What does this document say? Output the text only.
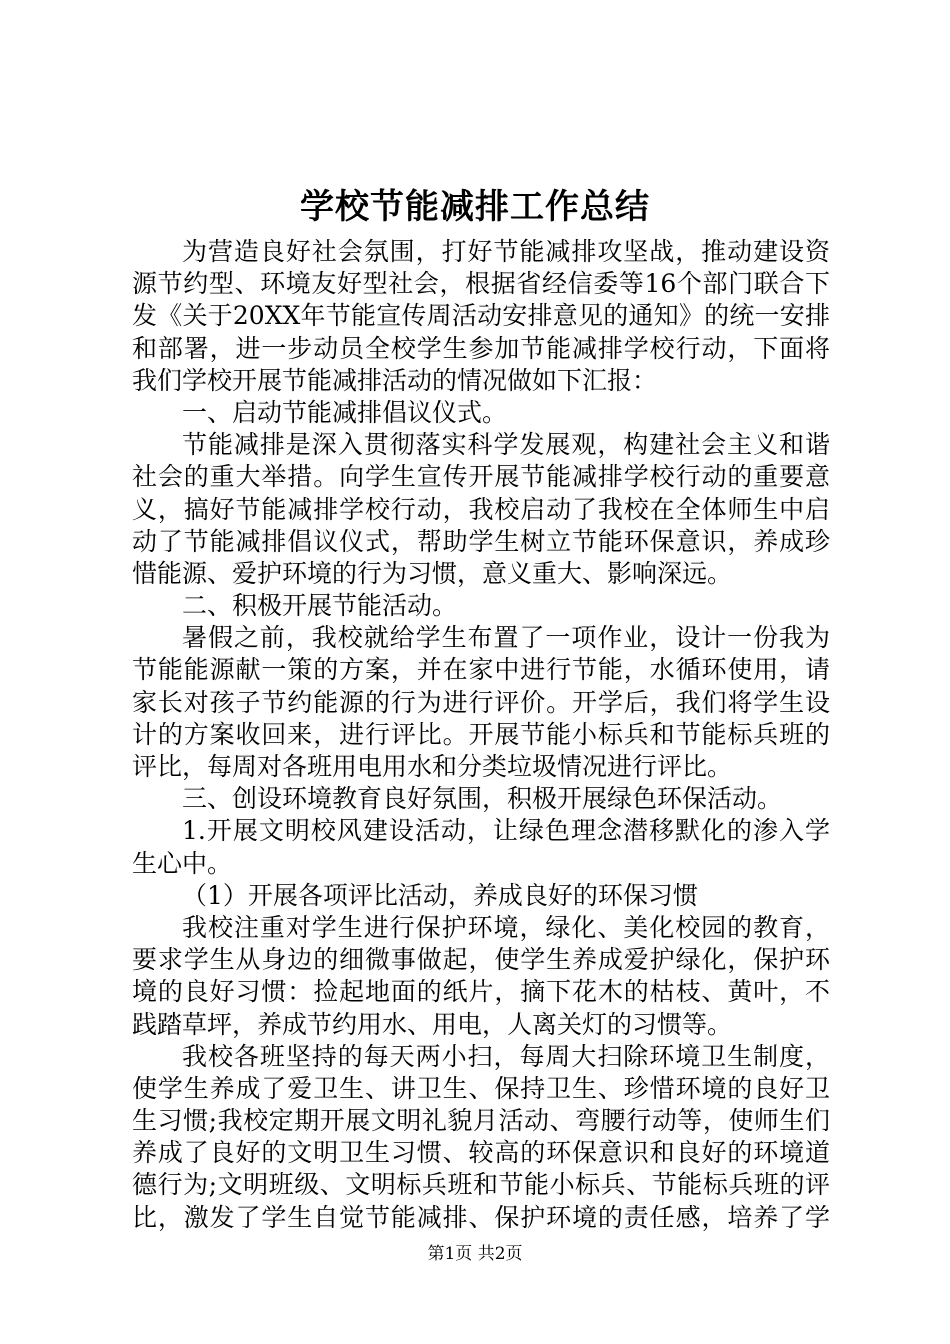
学校节能减排工作总结
为营造良好社会氛围，打好节能减排攻坚战，推动建设资
源节约型、环境友好型社会，根据省经信委等16个部门联合下
发《关于20XX年节能宣传周活动安排意见的通知》的统一安排
和部署，进一步动员全校学生参加节能减排学校行动，下面将
我们学校开展节能减排活动的情况做如下汇报：
一、启动节能减排倡议仪式。
节能减排是深入贯彻落实科学发展观，构建社会主义和谐
社会的重大举措。向学生宣传开展节能减排学校行动的重要意
义，搞好节能减排学校行动，我校启动了我校在全体师生中启
动了节能减排倡议仪式，帮助学生树立节能环保意识，养成珍
惜能源、爱护环境的行为习惯，意义重大、影响深远。
二、积极开展节能活动。
暑假之前，我校就给学生布置了一项作业，设计一份我为
节能能源献一策的方案，并在家中进行节能，水循环使用，请
家长对孩子节约能源的行为进行评价。开学后，我们将学生设
计的方案收回来，进行评比。开展节能小标兵和节能标兵班的
评比，每周对各班用电用水和分类垃圾情况进行评比。
三、创设环境教育良好氛围，积极开展绿色环保活动。
1.开展文明校风建设活动，让绿色理念潜移默化的渗入学
生心中。
（1）开展各项评比活动，养成良好的环保习惯
我校注重对学生进行保护环境，绿化、美化校园的教育，
要求学生从身边的细微事做起，使学生养成爱护绿化，保护环
境的良好习惯：捡起地面的纸片，摘下花木的枯枝、黄叶，不
践踏草坪，养成节约用水、用电，人离关灯的习惯等。
我校各班坚持的每天两小扫，每周大扫除环境卫生制度，
使学生养成了爱卫生、讲卫生、保持卫生、珍惜环境的良好卫
生习惯;我校定期开展文明礼貌月活动、弯腰行动等，使师生们
养成了良好的文明卫生习惯、较高的环保意识和良好的环境道
德行为;文明班级、文明标兵班和节能小标兵、节能标兵班的评
比，激发了学生自觉节能减排、保护环境的责任感，培养了学
第1页 共2页
